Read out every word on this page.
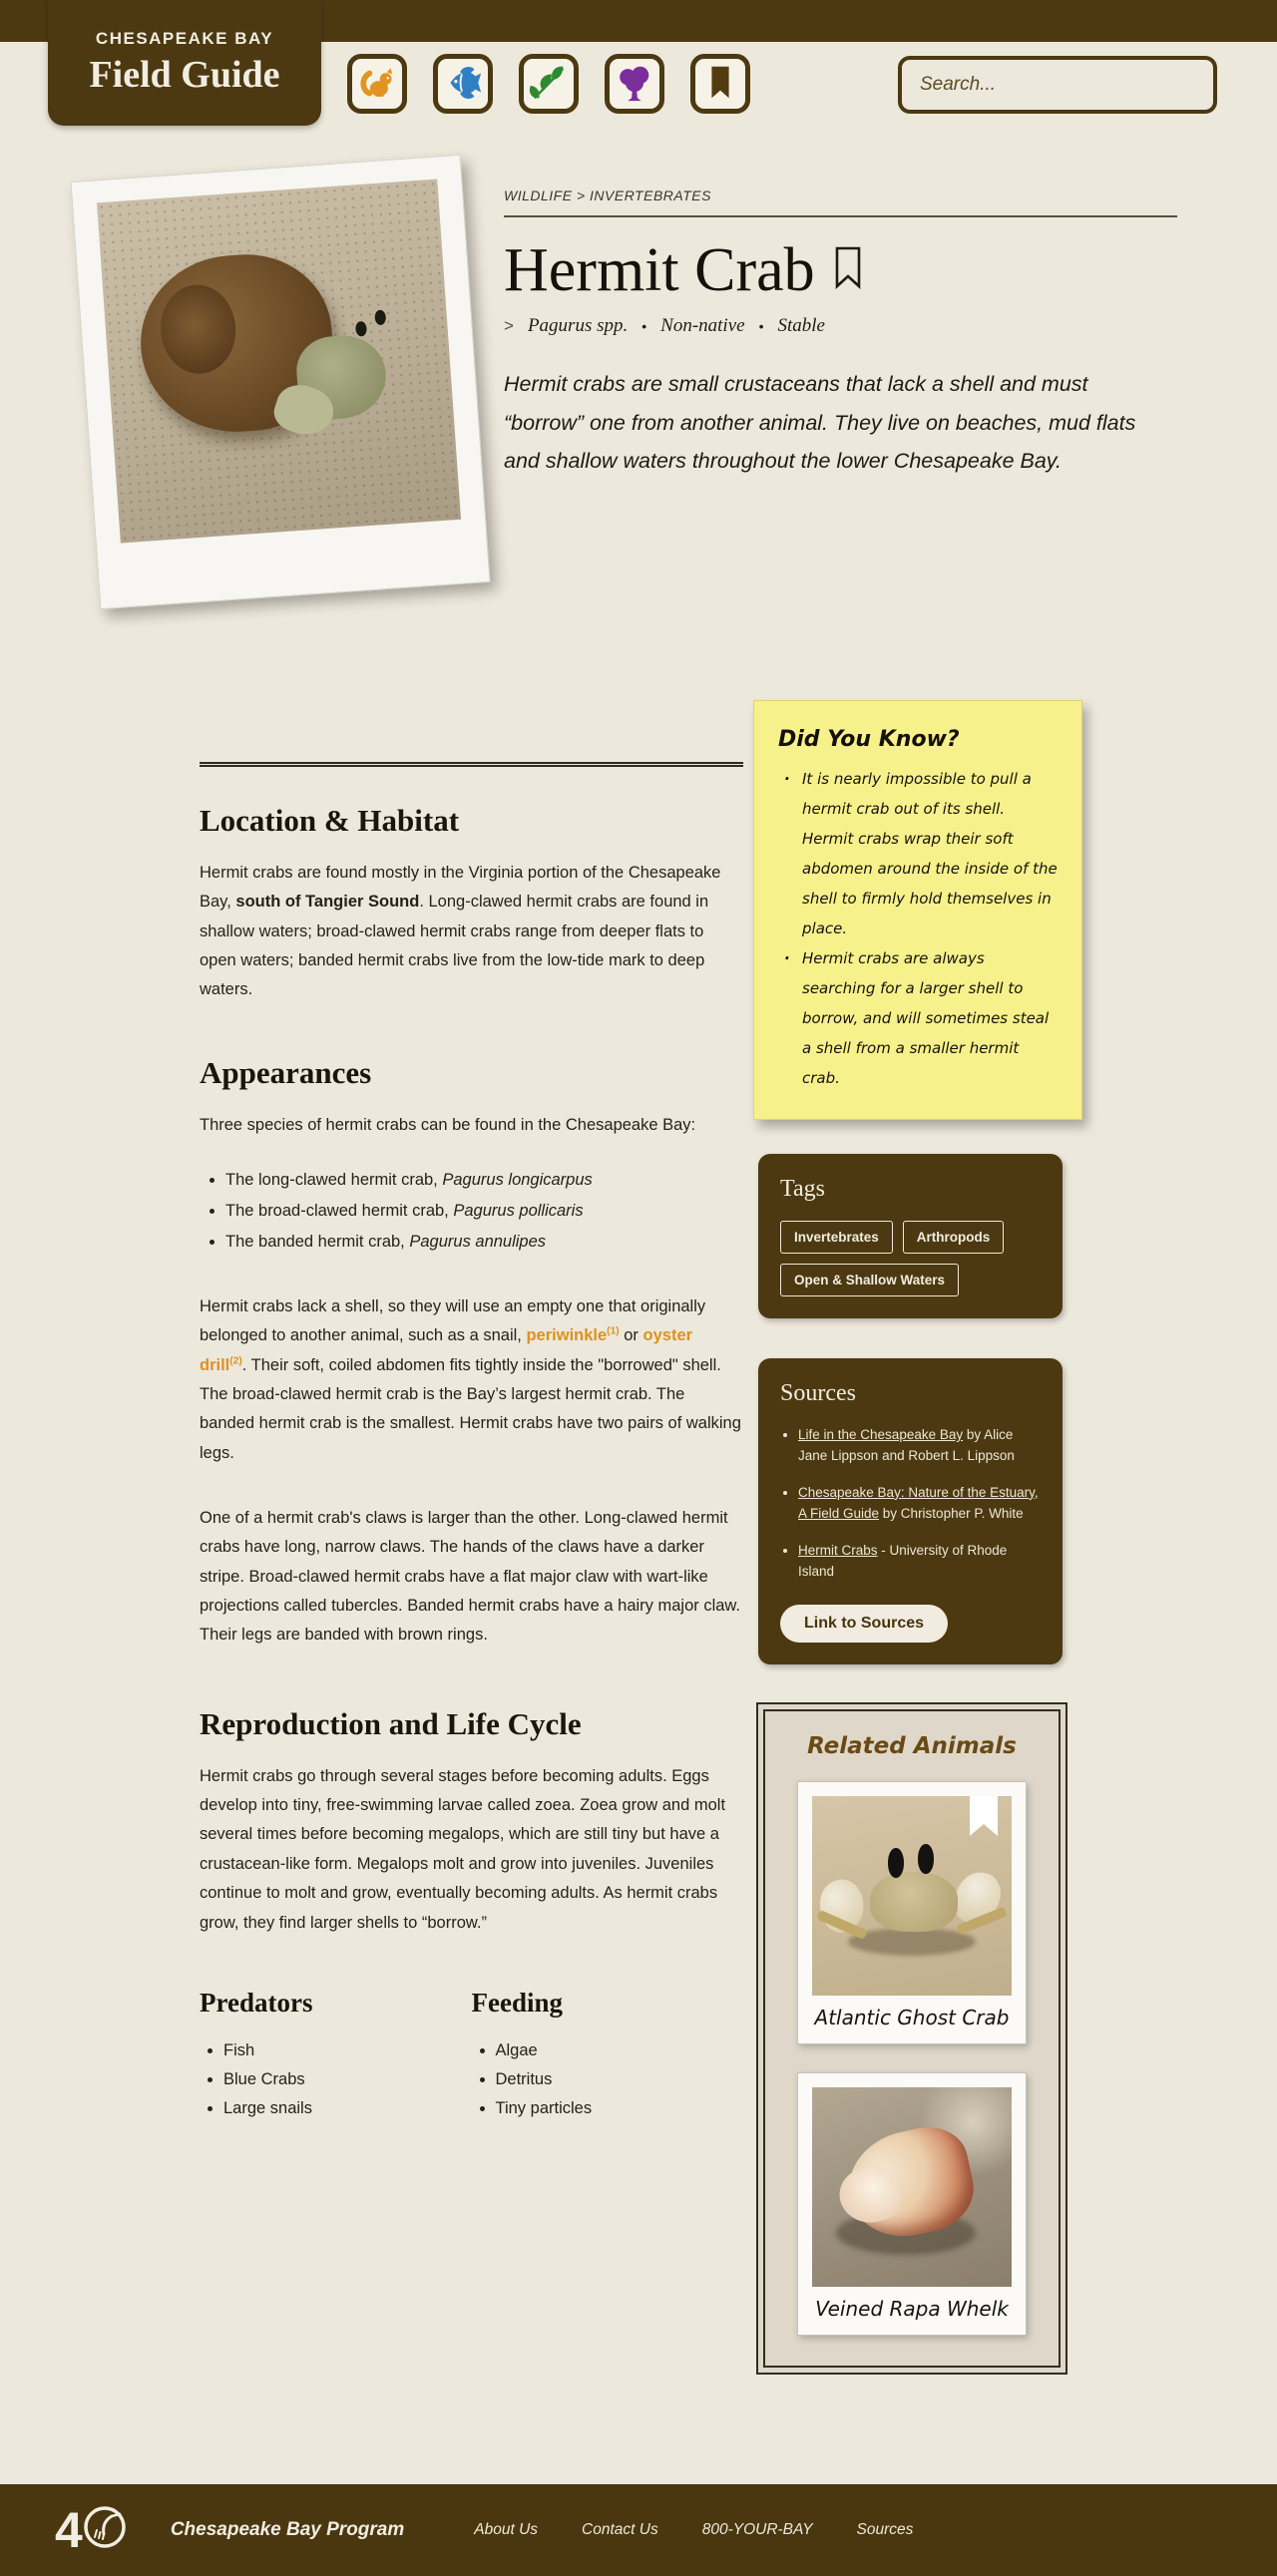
CHESAPEAKE BAY
Field Guide
Search...
WILDLIFE > INVERTEBRATES
Hermit Crab
> Pagurus spp. • Non-native • Stable

Hermit crabs are small crustaceans that lack a shell and must “borrow” one from another animal. They live on beaches, mud flats and shallow waters throughout the lower Chesapeake Bay.

Location & Habitat

Hermit crabs are found mostly in the Virginia portion of the Chesapeake Bay, south of Tangier Sound. Long-clawed hermit crabs are found in shallow waters; broad-clawed hermit crabs range from deeper flats to open waters; banded hermit crabs live from the low-tide mark to deep waters.

Appearances

Three species of hermit crabs can be found in the Chesapeake Bay:

• The long-clawed hermit crab, Pagurus longicarpus
• The broad-clawed hermit crab, Pagurus pollicaris
• The banded hermit crab, Pagurus annulipes

Hermit crabs lack a shell, so they will use an empty one that originally belonged to another animal, such as a snail, periwinkle$^{(1)}$ or oyster drill$^{(2)}$. Their soft, coiled abdomen fits tightly inside the "borrowed" shell. The broad-clawed hermit crab is the Bay’s largest hermit crab. The banded hermit crab is the smallest. Hermit crabs have two pairs of walking legs.

One of a hermit crab's claws is larger than the other. Long-clawed hermit crabs have long, narrow claws. The hands of the claws have a darker stripe. Broad-clawed hermit crabs have a flat major claw with wart-like projections called tubercles. Banded hermit crabs have a hairy major claw. Their legs are banded with brown rings.

Reproduction and Life Cycle

Hermit crabs go through several stages before becoming adults. Eggs develop into tiny, free-swimming larvae called zoea. Zoea grow and molt several times before becoming megalops, which are still tiny but have a crustacean-like form. Megalops molt and grow into juveniles. Juveniles continue to molt and grow, eventually becoming adults. As hermit crabs grow, they find larger shells to “borrow.”

Predators
• Fish
• Blue Crabs
• Large snails
Feeding
• Algae
• Detritus
• Tiny particles
Did You Know?
· It is nearly impossible to pull a hermit crab out of its shell. Hermit crabs wrap their soft abdomen around the inside of the shell to firmly hold themselves in place.
· Hermit crabs are always searching for a larger shell to borrow, and will sometimes steal a shell from a smaller hermit crab.
Tags
Invertebrates	Arthropods
Open & Shallow Waters
Sources
• Life in the Chesapeake Bay by Alice Jane Lippson and Robert L. Lippson
• Chesapeake Bay: Nature of the Estuary, A Field Guide by Christopher P. White
• Hermit Crabs - University of Rhode Island
Link to Sources
Related Animals
Atlantic Ghost Crab
Veined Rapa Whelk
4	Chesapeake Bay Program	About Us	Contact Us	800-YOUR-BAY	Sources
